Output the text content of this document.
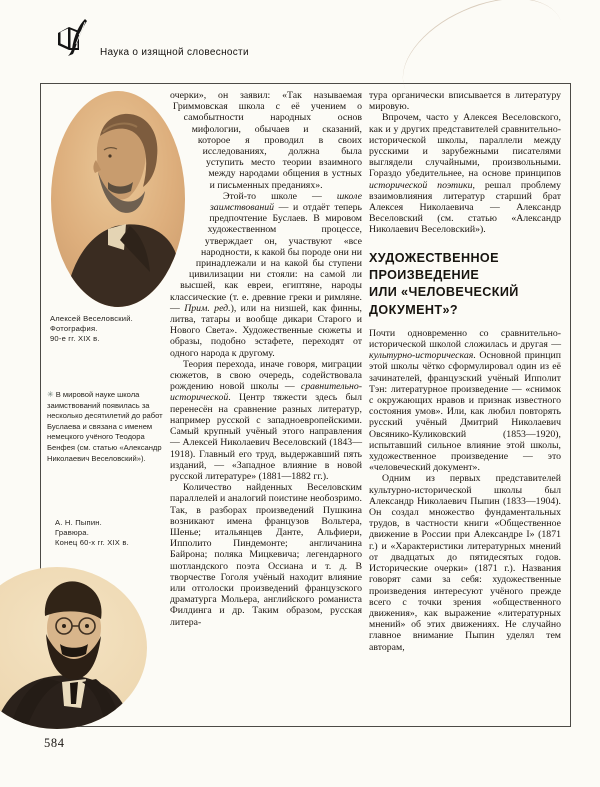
Наука о изящной словесности
Алексей Веселовский.
Фотография.
90-е гг. XIX в.
✳ В мировой науке школа заимствований появилась за несколько десятилетий до работ Буслаева и связана с именем немецкого учёного Теодора Бенфея (см. статью «Александр Николаевич Веселовский»).
А. Н. Пыпин.
Гравюра.
Конец 60-х гг. XIX в.

очерки», он заявил: «Так называемая Гриммовская школа с её учением о самобытности народных основ мифологии, обычаев и сказаний, которое я проводил в своих исследованиях, должна была уступить место теории взаимного между народами общения в устных и письменных преданиях».

Этой-то школе — школе заимствований — и отдаёт теперь предпочтение Буслаев. В мировом художественном процессе, утверждает он, участвуют «все народности, к какой бы породе они ни принадлежали и на какой бы ступени цивилизации ни стояли: на самой ли высшей, как евреи, египтяне, народы классические (т. е. древние греки и римляне. — Прим. ред.), или на низшей, как финны, литва, татары и вообще дикари Старого и Нового Света». Художественные сюжеты и образы, подобно эстафете, переходят от одного народа к другому.

Теория перехода, иначе говоря, миграции сюжетов, в свою очередь, содействовала рождению новой школы — сравнительно-исторической. Центр тяжести здесь был перенесён на сравнение разных литератур, например русской с западноевропейскими. Самый крупный учёный этого направления — Алексей Николаевич Веселовский (1843—1918). Главный его труд, выдержавший пять изданий, — «Западное влияние в новой русской литературе» (1881—1882 гг.).

Количество найденных Веселовским параллелей и аналогий поистине необозримо. Так, в разборах произведений Пушкина возникают имена французов Вольтера, Шенье; итальянцев Данте, Альфиери, Ипполито Пиндемонте; англичанина Байрона; поляка Мицкевича; легендарного шотландского поэта Оссиана и т. д. В творчестве Гоголя учёный находит влияние или отголоски произведений французского драматурга Мольера, английского романиста Филдинга и др. Таким образом, русская литера-

тура органически вписывается в литературу мировую.

Впрочем, часто у Алексея Веселовского, как и у других представителей сравнительно-исторической школы, параллели между русскими и зарубежными писателями выглядели случайными, произвольными. Гораздо убедительнее, на основе принципов исторической поэтики, решал проблему взаимовлияния литератур старший брат Алексея Николаевича — Александр Веселовский (см. статью «Александр Николаевич Веселовский»).

ХУДОЖЕСТВЕННОЕ
ПРОИЗВЕДЕНИЕ
ИЛИ «ЧЕЛОВЕЧЕСКИЙ
ДОКУМЕНТ»?

Почти одновременно со сравнительно-исторической школой сложилась и другая — культурно-историческая. Основной принцип этой школы чётко сформулировал один из её зачинателей, французский учёный Ипполит Тэн: литературное произведение — «снимок с окружающих нравов и признак известного состояния умов». Или, как любил повторять русский учёный Дмитрий Николаевич Овсянико-Куликовский (1853—1920), испытавший сильное влияние этой школы, художественное произведение — это «человеческий документ».

Одним из первых представителей культурно-исторической школы был Александр Николаевич Пыпин (1833—1904). Он создал множество фундаментальных трудов, в частности книги «Общественное движение в России при Александре I» (1871 г.) и «Характеристики литературных мнений от двадцатых до пятидесятых годов. Исторические очерки» (1871 г.). Названия говорят сами за себя: художественные произведения интересуют учёного прежде всего с точки зрения «общественного движения», как выражение «литературных мнений» об этих движениях. Не случайно главное внимание Пыпин уделял тем авторам,

584
